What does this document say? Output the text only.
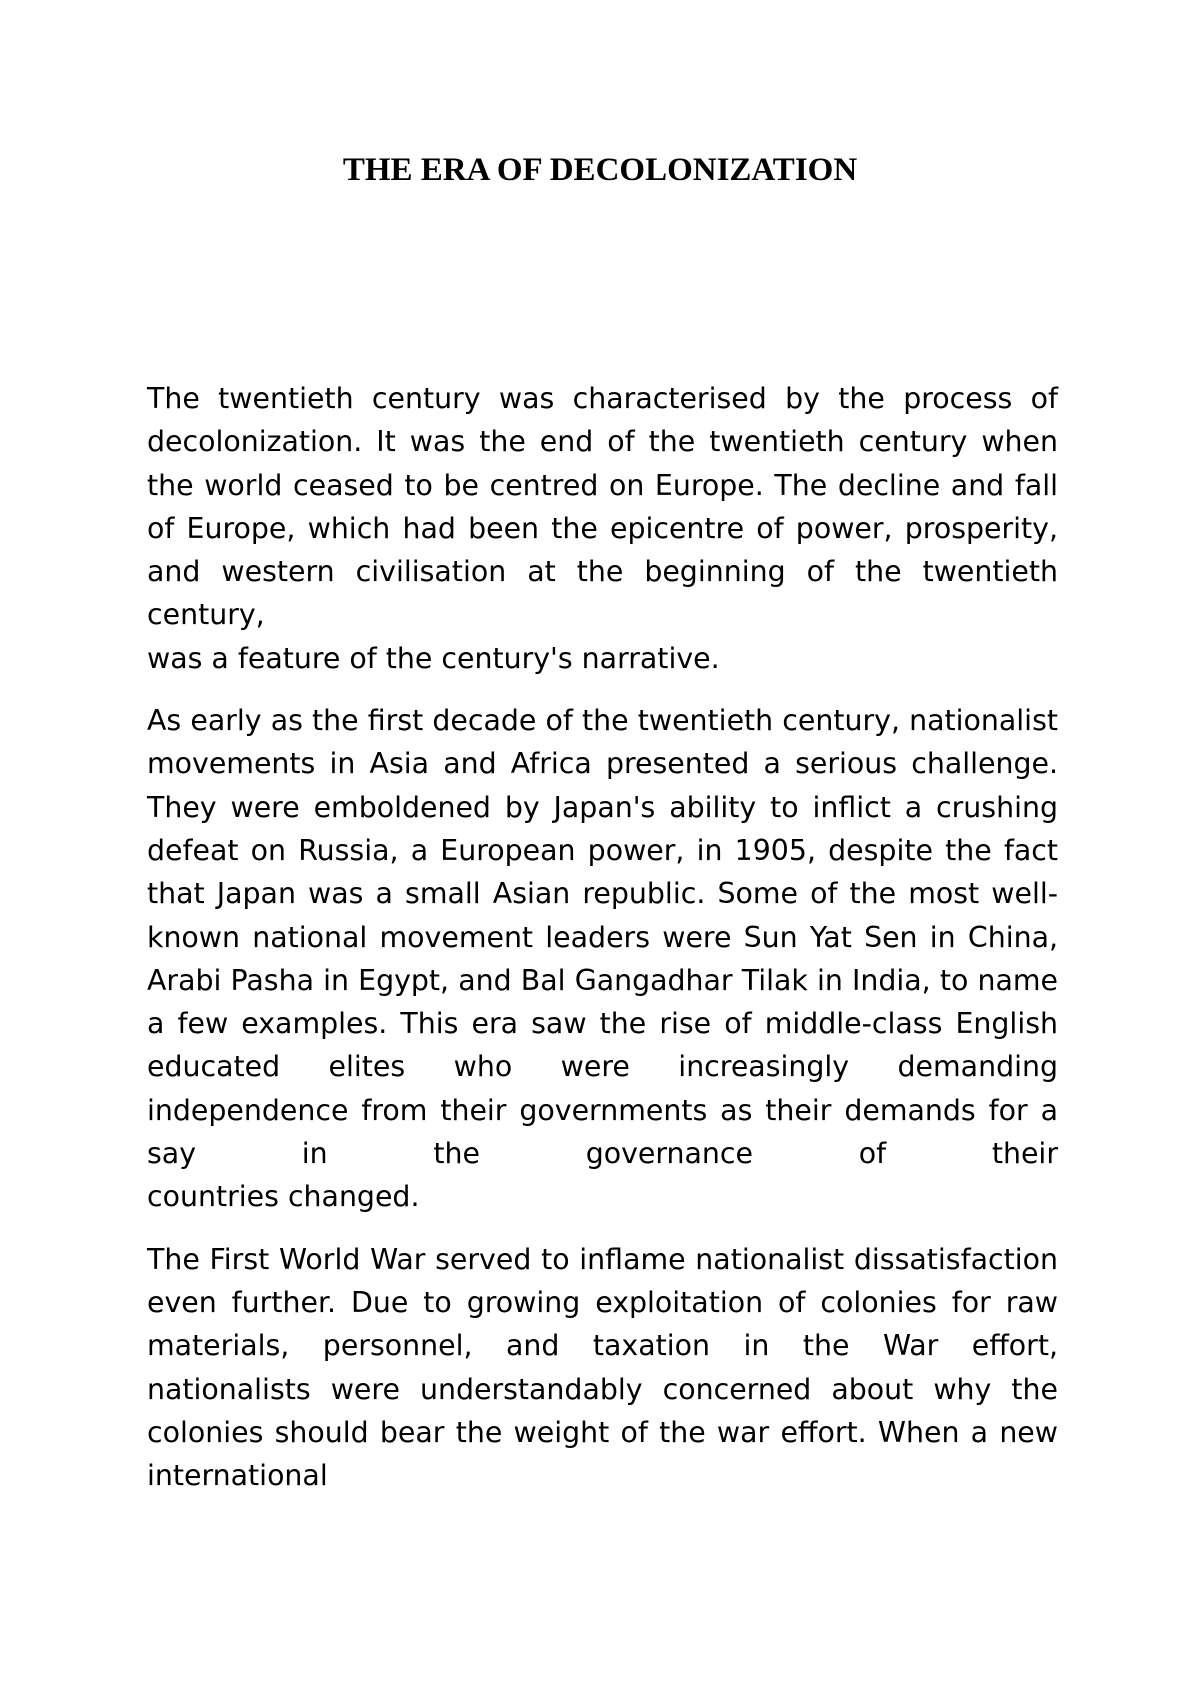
THE ERA OF DECOLONIZATION

The twentieth century was characterised by the process of decolonization. It was the end of the twentieth century when the world ceased to be centred on Europe. The decline and fall of Europe, which had been the epicentre of power, prosperity, and western civilisation at the beginning of the twentieth century,
was a feature of the century's narrative.

As early as the first decade of the twentieth century, nationalist movements in Asia and Africa presented a serious challenge. They were emboldened by Japan's ability to inflict a crushing defeat on Russia, a European power, in 1905, despite the fact that Japan was a small Asian republic. Some of the most well-known national movement leaders were Sun Yat Sen in China, Arabi Pasha in Egypt, and Bal Gangadhar Tilak in India, to name a few examples. This era saw the rise of middle-class English educated elites who were increasingly demanding independence from their governments as their demands for a say in the governance of their
countries changed.

The First World War served to inflame nationalist dissatisfaction even further. Due to growing exploitation of colonies for raw materials, personnel, and taxation in the War effort, nationalists were understandably concerned about why the colonies should bear the weight of the war effort. When a new international
